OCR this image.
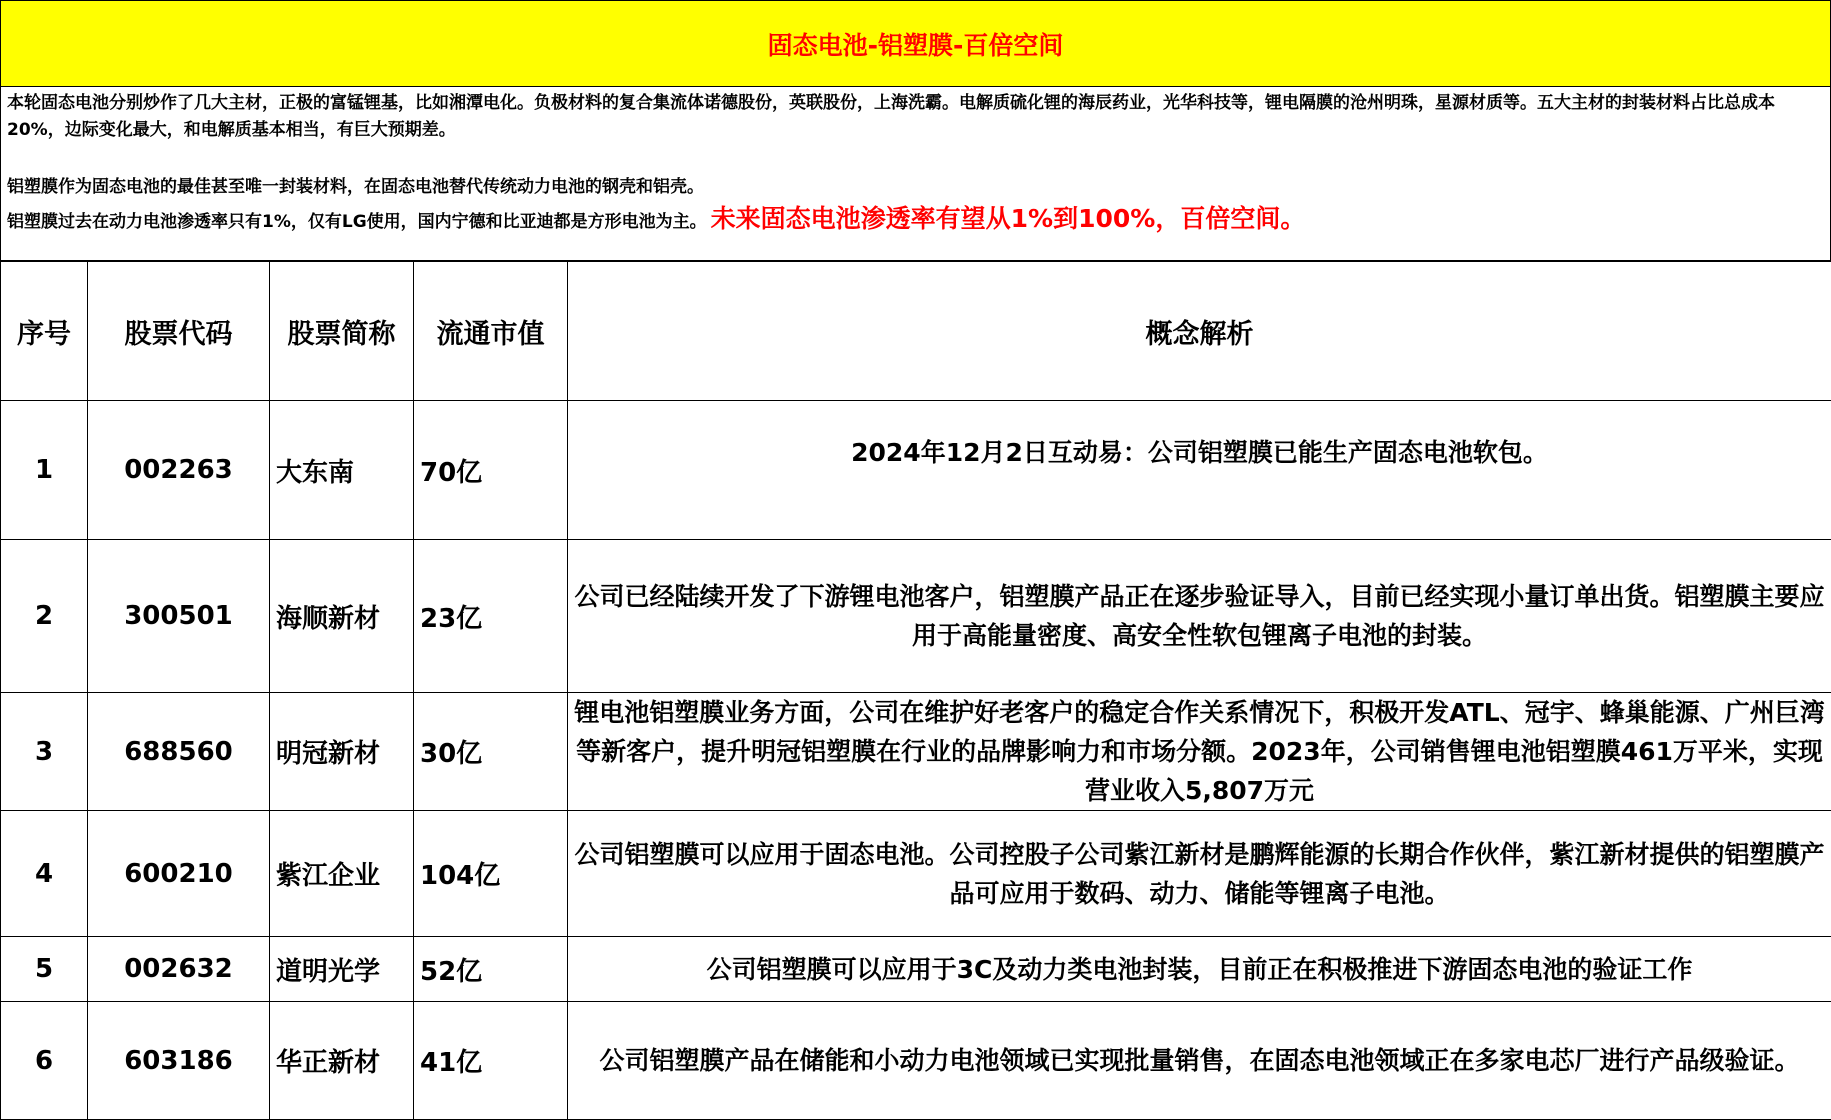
固态电池-铝塑膜-百倍空间

本轮固态电池分别炒作了几大主材，正极的富锰锂基，比如湘潭电化。负极材料的复合集流体诺德股份，英联股份，上海洗霸。电解质硫化锂的海辰药业，光华科技等，锂电隔膜的沧州明珠，星源材质等。五大主材的封装材料占比总成本20%，边际变化最大，和电解质基本相当，有巨大预期差。

铝塑膜作为固态电池的最佳甚至唯一封装材料，在固态电池替代传统动力电池的钢壳和铝壳。

铝塑膜过去在动力电池渗透率只有1%，仅有LG使用，国内宁德和比亚迪都是方形电池为主。 未来固态电池渗透率有望从1%到100%，百倍空间。

序号	股票代码	股票简称	流通市值	概念解析
1	002263	大东南	70亿	2024年12月2日互动易：公司铝塑膜已能生产固态电池软包。
2	300501	海顺新材	23亿	公司已经陆续开发了下游锂电池客户，铝塑膜产品正在逐步验证导入，目前已经实现小量订单出货。铝塑膜主要应用于高能量密度、高安全性软包锂离子电池的封装。
3	688560	明冠新材	30亿	锂电池铝塑膜业务方面，公司在维护好老客户的稳定合作关系情况下，积极开发ATL、冠宇、蜂巢能源、广州巨湾等新客户，提升明冠铝塑膜在行业的品牌影响力和市场分额。2023年，公司销售锂电池铝塑膜461万平米，实现营业收入5,807万元
4	600210	紫江企业	104亿	公司铝塑膜可以应用于固态电池。公司控股子公司紫江新材是鹏辉能源的长期合作伙伴，紫江新材提供的铝塑膜产品可应用于数码、动力、储能等锂离子电池。
5	002632	道明光学	52亿	公司铝塑膜可以应用于3C及动力类电池封装，目前正在积极推进下游固态电池的验证工作
6	603186	华正新材	41亿	公司铝塑膜产品在储能和小动力电池领域已实现批量销售，在固态电池领域正在多家电芯厂进行产品级验证。
